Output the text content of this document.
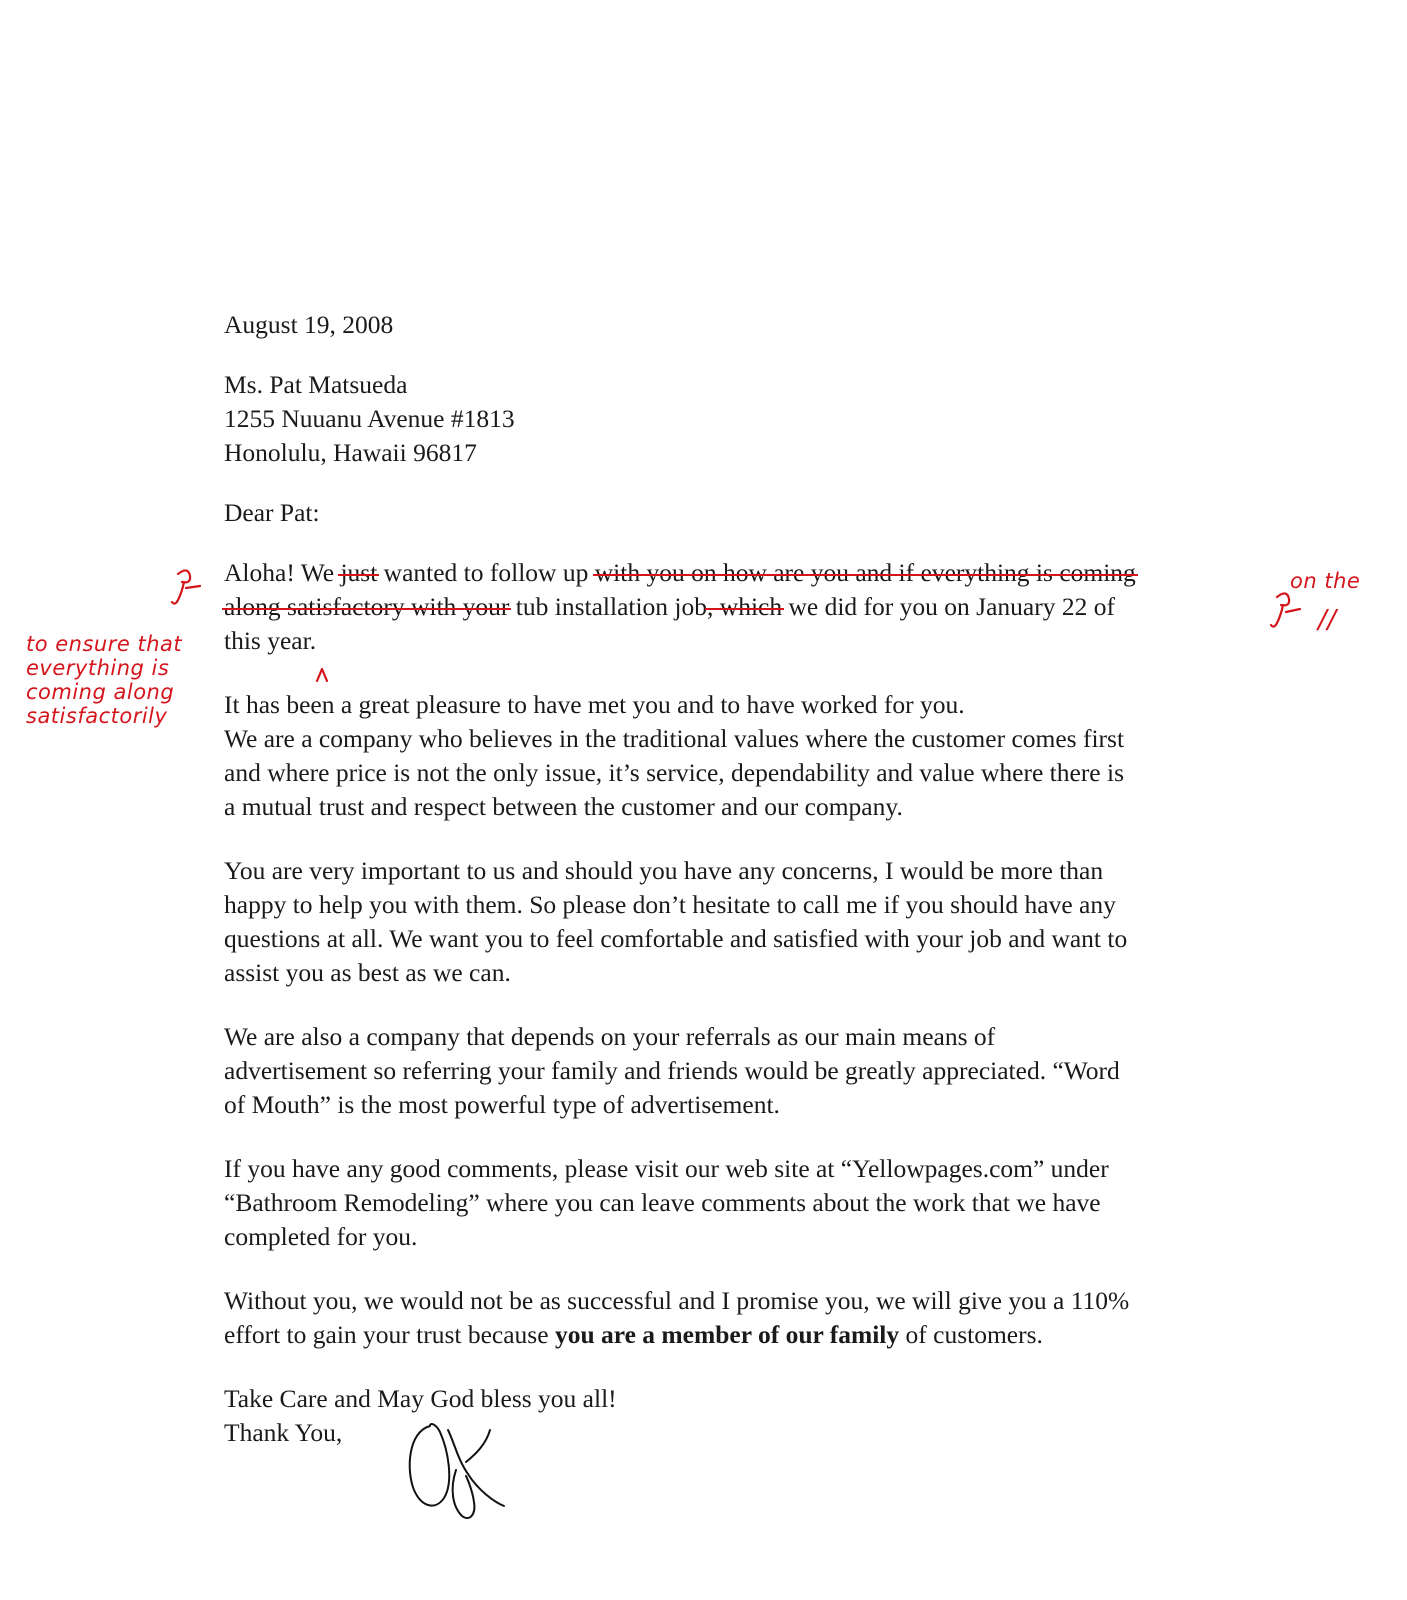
August 19, 2008
Ms. Pat Matsueda
1255 Nuuanu Avenue #1813
Honolulu, Hawaii 96817
Dear Pat:
Aloha! We just wanted to follow up with you on how are you and if everything is coming
along satisfactory with your tub installation job, which we did for you on January 22 of
this year.
It has been a great pleasure to have met you and to have worked for you.
We are a company who believes in the traditional values where the customer comes first
and where price is not the only issue, it’s service, dependability and value where there is
a mutual trust and respect between the customer and our company.
You are very important to us and should you have any concerns, I would be more than
happy to help you with them. So please don’t hesitate to call me if you should have any
questions at all. We want you to feel comfortable and satisfied with your job and want to
assist you as best as we can.
We are also a company that depends on your referrals as our main means of
advertisement so referring your family and friends would be greatly appreciated. “Word
of Mouth” is the most powerful type of advertisement.
If you have any good comments, please visit our web site at “Yellowpages.com” under
“Bathroom Remodeling” where you can leave comments about the work that we have
completed for you.
Without you, we would not be as successful and I promise you, we will give you a 110%
effort to gain your trust because you are a member of our family of customers.
Take Care and May God bless you all!
Thank You,
to ensure that
everything is
coming along
satisfactorily
on the
//
